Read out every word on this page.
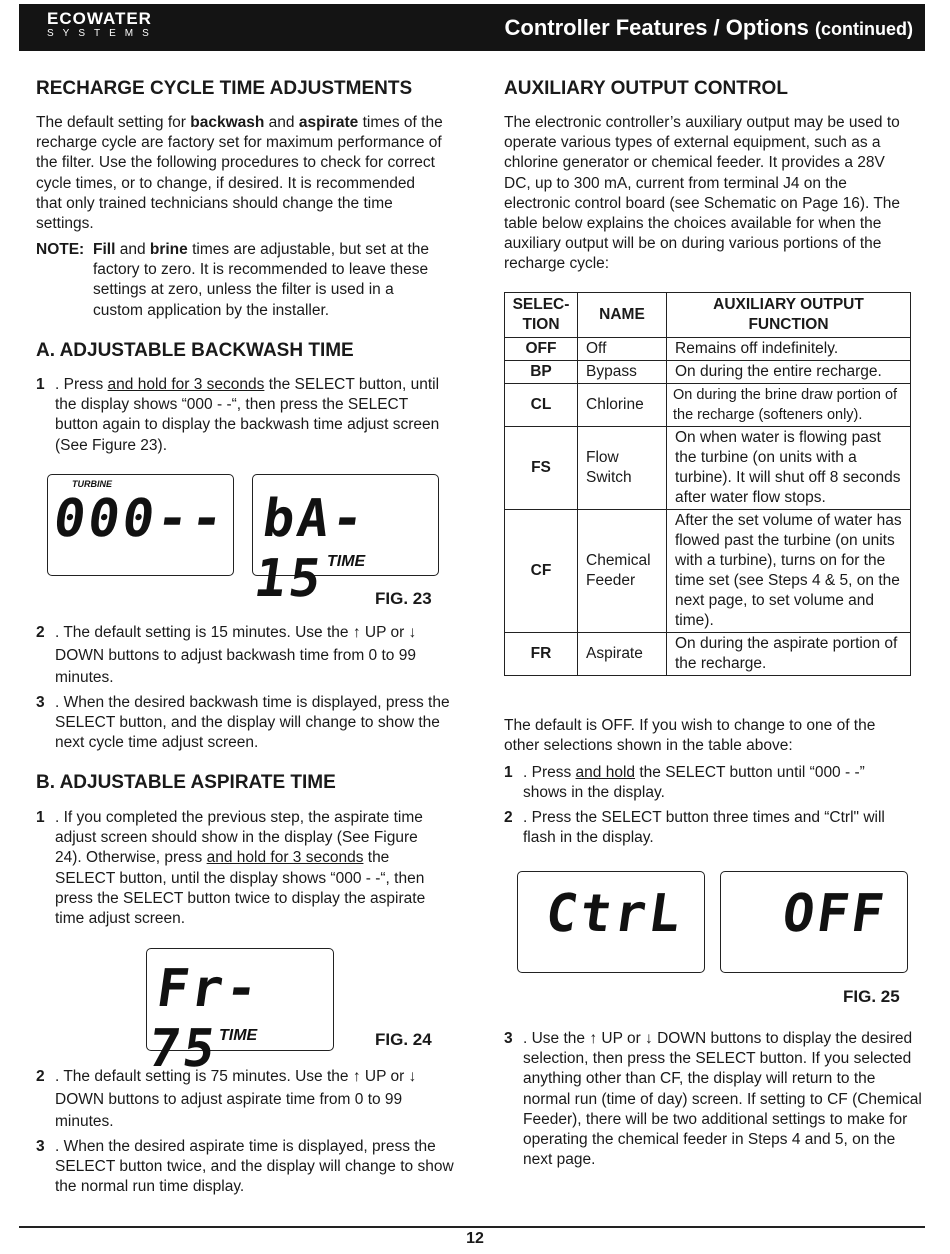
ECOWATER
SYSTEMS	Controller Features / Options (continued)
RECHARGE CYCLE TIME ADJUSTMENTS

The default setting for backwash and aspirate times of the recharge cycle are factory set for maximum performance of the filter. Use the following procedures to check for correct cycle times, or to change, if desired. It is recommended that only trained technicians should change the time settings.

NOTE: Fill and brine times are adjustable, but set at the factory to zero. It is recommended to leave these settings at zero, unless the filter is used in a custom application by the installer.
A. ADJUSTABLE BACKWASH TIME
1 . Press and hold for 3 seconds the SELECT button, until the display shows “000 - -“, then press the SELECT button again to display the backwash time adjust screen (See Figure 23).
TURBINE
000-- bA- 15 TIME
FIG. 23
2 . The default setting is 15 minutes. Use the ↑ UP or ↓ DOWN buttons to adjust backwash time from 0 to 99 minutes.
3 . When the desired backwash time is displayed, press the SELECT button, and the display will change to show the next cycle time adjust screen.
B. ADJUSTABLE ASPIRATE TIME
1 . If you completed the previous step, the aspirate time adjust screen should show in the display (See Figure 24). Otherwise, press and hold for 3 seconds the SELECT button, until the display shows “000 - -“, then press the SELECT button twice to display the aspirate time adjust screen.
Fr- 75
TIME	FIG. 24
2 . The default setting is 75 minutes. Use the ↑ UP or ↓ DOWN buttons to adjust aspirate time from 0 to 99 minutes.
3 . When the desired aspirate time is displayed, press the SELECT button twice, and the display will change to show the normal run time display.
AUXILIARY OUTPUT CONTROL

The electronic controller’s auxiliary output may be used to operate various types of external equipment, such as a chlorine generator or chemical feeder. It provides a 28V DC, up to 300 mA, current from terminal J4 on the electronic control board (see Schematic on Page 16). The table below explains the choices available for when the auxiliary output will be on during various portions of the recharge cycle:

SELEC-TION	NAME	AUXILIARY OUTPUT FUNCTION
OFF	Off	Remains off indefinitely.
BP	Bypass	On during the entire recharge.
CL	Chlorine	On during the brine draw portion of the recharge (softeners only).
FS	Flow Switch	On when water is flowing past the turbine (on units with a turbine). It will shut off 8 seconds after water flow stops.
CF	Chemical Feeder	After the set volume of water has flowed past the turbine (on units with a turbine), turns on for the time set (see Steps 4 & 5, on the next page, to set volume and time).
FR	Aspirate	On during the aspirate portion of the recharge.

The default is OFF. If you wish to change to one of the other selections shown in the table above:

1 . Press and hold the SELECT button until “000 - -” shows in the display.
2 . Press the SELECT button three times and “Ctrl" will flash in the display.
CtrL OFF
FIG. 25
3 . Use the ↑ UP or ↓ DOWN buttons to display the desired selection, then press the SELECT button. If you selected anything other than CF, the display will return to the normal run (time of day) screen. If setting to CF (Chemical Feeder), there will be two additional settings to make for operating the chemical feeder in Steps 4 and 5, on the next page.
12
